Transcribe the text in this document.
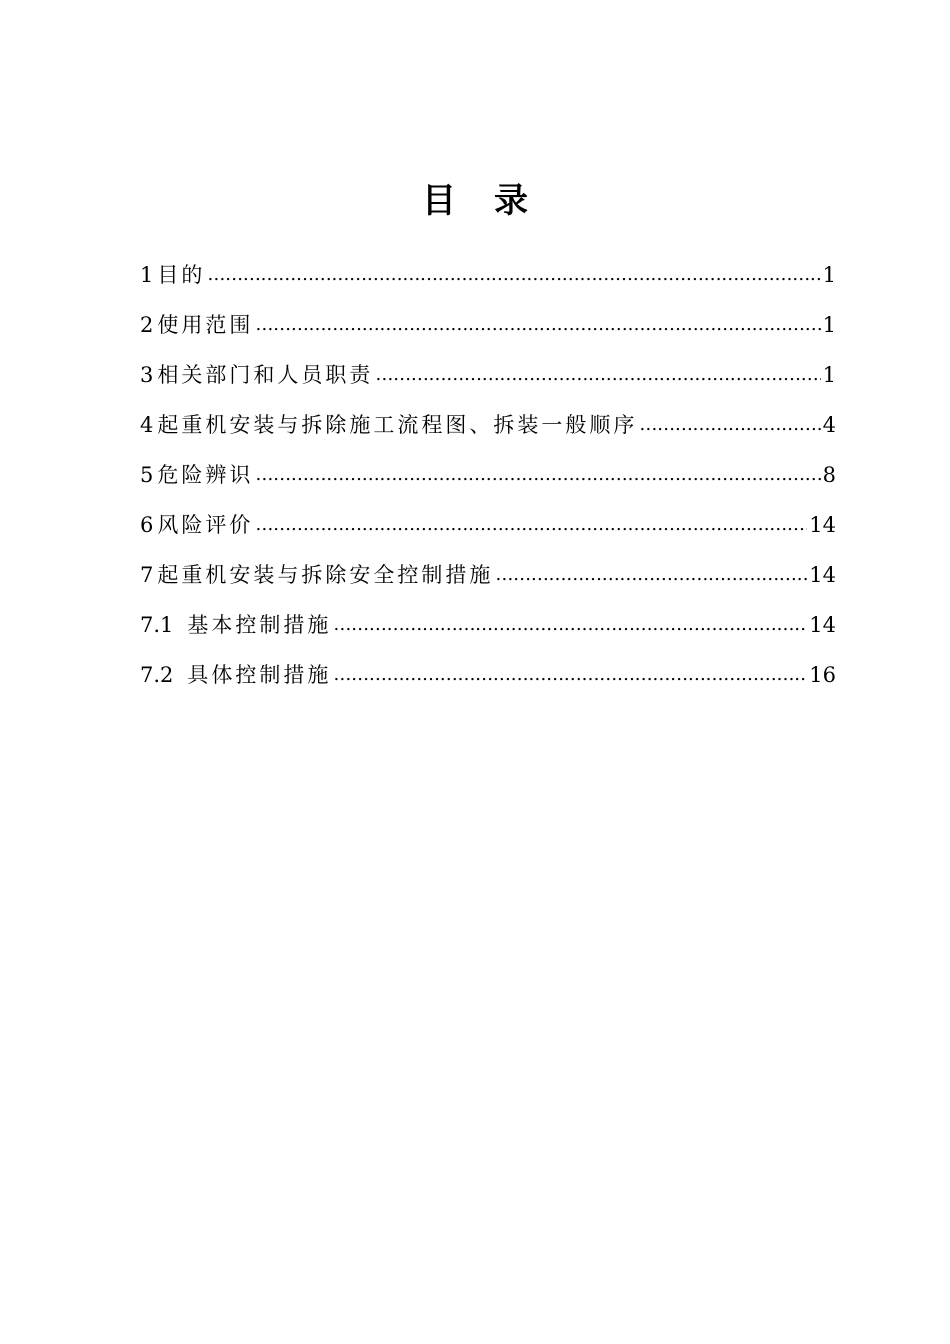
目 录
1 目的 … … … … … … … … … … … … … … … … … … … … … … … … … … … … … … … … … … … … … … … … …	1
2 使用范围 … … … … … … … … … … … … … … … … … … … … … … … … … … … … … … … … … … … … … … … … …	1
3 相关部门和人员职责 … … … … … … … … … … … … … … … … … … … … … … … … … … … … … … … … … … … … … … … … …	1
4 起重机安装与拆除施工流程图、拆装一般顺序 … … … … … … … … … … … … … … … … … … … … … … … … … … … … … … … … … … … … … … … … …	4
5 危险辨识 … … … … … … … … … … … … … … … … … … … … … … … … … … … … … … … … … … … … … … … … …	8
6 风险评价 … … … … … … … … … … … … … … … … … … … … … … … … … … … … … … … … … … … … … … … … …	14
7 起重机安装与拆除安全控制措施 … … … … … … … … … … … … … … … … … … … … … … … … … … … … … … … … … … … … … … … … …	14
7.1 基本控制措施 … … … … … … … … … … … … … … … … … … … … … … … … … … … … … … … … … … … … … … … … …	14
7.2 具体控制措施 … … … … … … … … … … … … … … … … … … … … … … … … … … … … … … … … … … … … … … … … …	16
